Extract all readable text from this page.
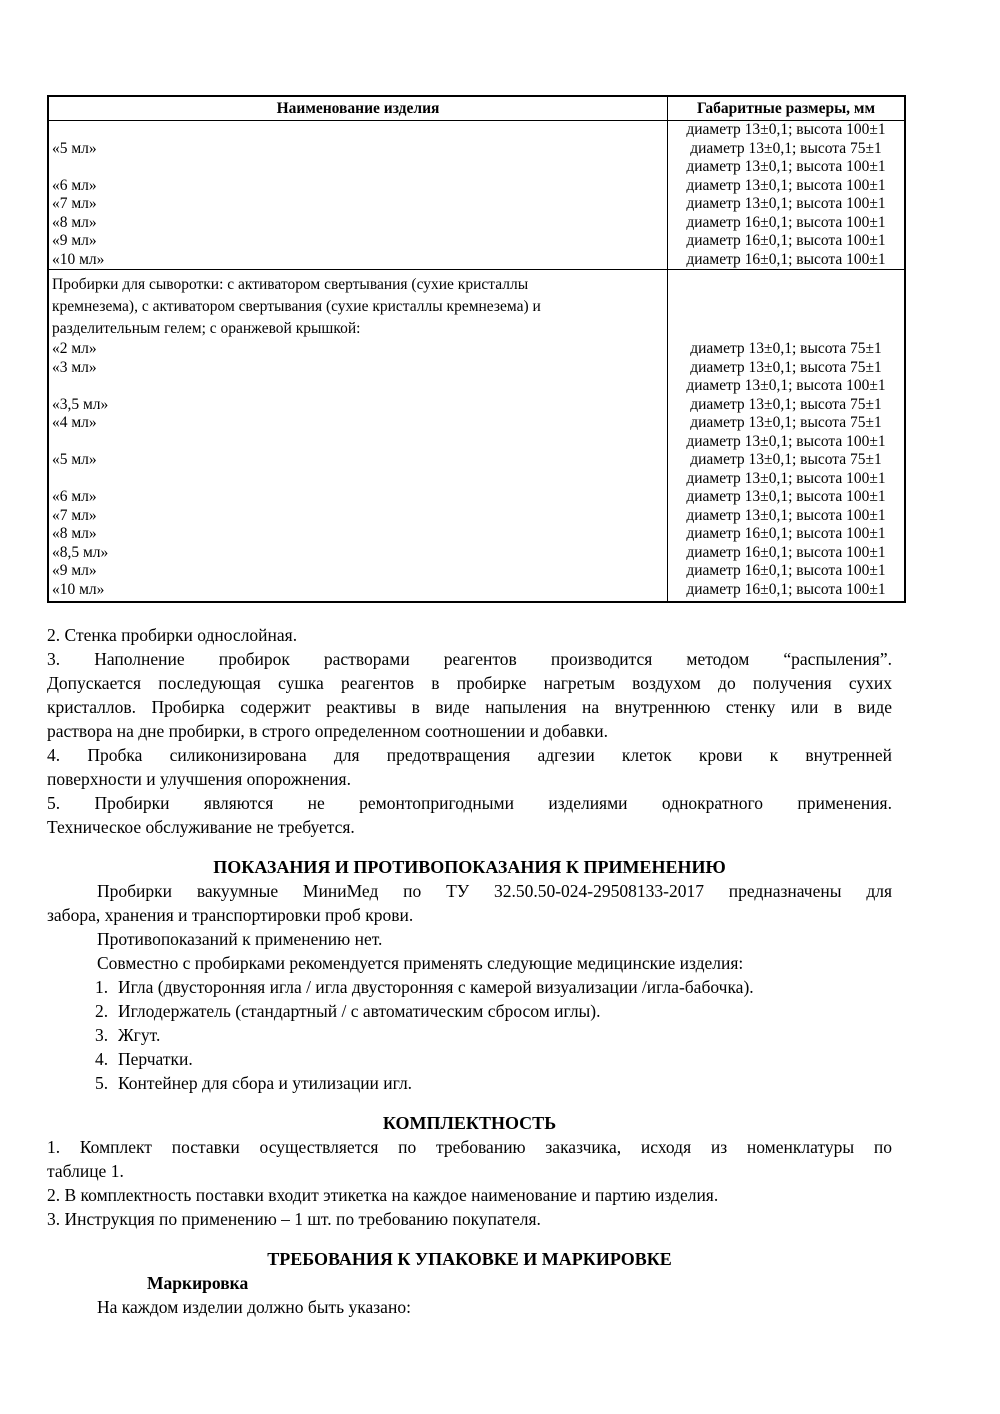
Наименование изделия	Габаритные размеры, мм
«5 мл»
«6 мл»
«7 мл»
«8 мл»
«9 мл»
«10 мл»
диаметр 13±0,1; высота 100±1
диаметр 13±0,1; высота 75±1
диаметр 13±0,1; высота 100±1
диаметр 13±0,1; высота 100±1
диаметр 13±0,1; высота 100±1
диаметр 16±0,1; высота 100±1
диаметр 16±0,1; высота 100±1
диаметр 16±0,1; высота 100±1
Пробирки для сыворотки: с активатором свертывания (сухие кристаллы
кремнезема), с активатором свертывания (сухие кристаллы кремнезема) и
разделительным гелем; с оранжевой крышкой:
«2 мл»
«3 мл»
«3,5 мл»
«4 мл»
«5 мл»
«6 мл»
«7 мл»
«8 мл»
«8,5 мл»
«9 мл»
«10 мл»
диаметр 13±0,1; высота 75±1
диаметр 13±0,1; высота 75±1
диаметр 13±0,1; высота 100±1
диаметр 13±0,1; высота 75±1
диаметр 13±0,1; высота 75±1
диаметр 13±0,1; высота 100±1
диаметр 13±0,1; высота 75±1
диаметр 13±0,1; высота 100±1
диаметр 13±0,1; высота 100±1
диаметр 13±0,1; высота 100±1
диаметр 16±0,1; высота 100±1
диаметр 16±0,1; высота 100±1
диаметр 16±0,1; высота 100±1
диаметр 16±0,1; высота 100±1
2. Стенка пробирки однослойная.
3. Наполнение пробирок растворами реагентов производится методом “распыления”.
Допускается последующая сушка реагентов в пробирке нагретым воздухом до получения сухих
кристаллов. Пробирка содержит реактивы в виде напыления на внутреннюю стенку или в виде
раствора на дне пробирки, в строго определенном соотношении и добавки.
4. Пробка силиконизирована для предотвращения адгезии клеток крови к внутренней
поверхности и улучшения опорожнения.
5. Пробирки являются не ремонтопригодными изделиями однократного применения.
Техническое обслуживание не требуется.
ПОКАЗАНИЯ И ПРОТИВОПОКАЗАНИЯ К ПРИМЕНЕНИЮ
Пробирки вакуумные МиниМед по ТУ 32.50.50-024-29508133-2017 предназначены для
забора, хранения и транспортировки проб крови.
Противопоказаний к применению нет.
Совместно с пробирками рекомендуется применять следующие медицинские изделия:
1. Игла (двусторонняя игла / игла двусторонняя с камерой визуализации /игла-бабочка).
2. Иглодержатель (стандартный / с автоматическим сбросом иглы).
3. Жгут.
4. Перчатки.
5. Контейнер для сбора и утилизации игл.
КОМПЛЕКТНОСТЬ
1. Комплект поставки осуществляется по требованию заказчика, исходя из номенклатуры по
таблице 1.
2. В комплектность поставки входит этикетка на каждое наименование и партию изделия.
3. Инструкция по применению – 1 шт. по требованию покупателя.
ТРЕБОВАНИЯ К УПАКОВКЕ И МАРКИРОВКЕ
Маркировка
На каждом изделии должно быть указано:
